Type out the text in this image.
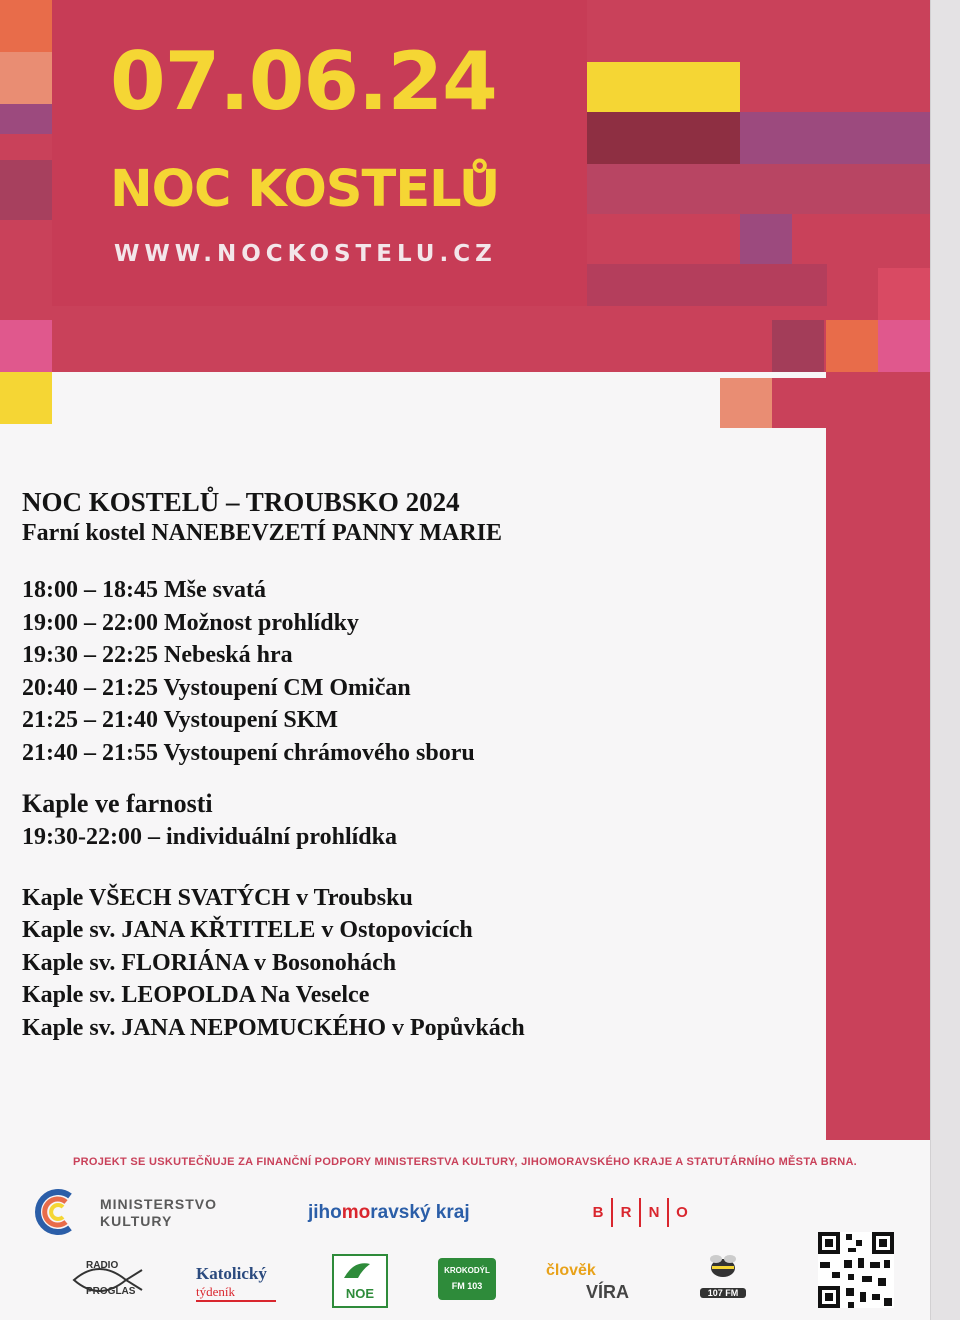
07.06.24
NOC KOSTELŮ

WWW.NOCKOSTELU.CZ

NOC KOSTELŮ – TROUBSKO 2024

Farní kostel NANEBEVZETÍ PANNY MARIE

18:00 – 18:45 Mše svatá
19:00 – 22:00 Možnost prohlídky
19:30 – 22:25 Nebeská hra
20:40 – 21:25 Vystoupení CM Omičan
21:25 – 21:40 Vystoupení SKM
21:40 – 21:55 Vystoupení chrámového sboru
Kaple ve farnosti
19:30-22:00 – individuální prohlídka
Kaple VŠECH SVATÝCH v Troubsku
Kaple sv. JANA KŘTITELE v Ostopovicích
Kaple sv. FLORIÁNA v Bosonohách
Kaple sv. LEOPOLDA Na Veselce
Kaple sv. JANA NEPOMUCKÉHO v Popůvkách

PROJEKT SE USKUTEČŇUJE ZA FINANČNÍ PODPORY MINISTERSTVA KULTURY, JIHOMORAVSKÉHO KRAJE A STATUTÁRNÍHO MĚSTA BRNA.

MINISTERSTVO
KULTURY	jihomoravský kraj	B	R	N	O
RADIO
PROGLAS
Katolický
týdeník	NOE
KROKODÝL
FM 103
člověk
VÍRA	107 FM
